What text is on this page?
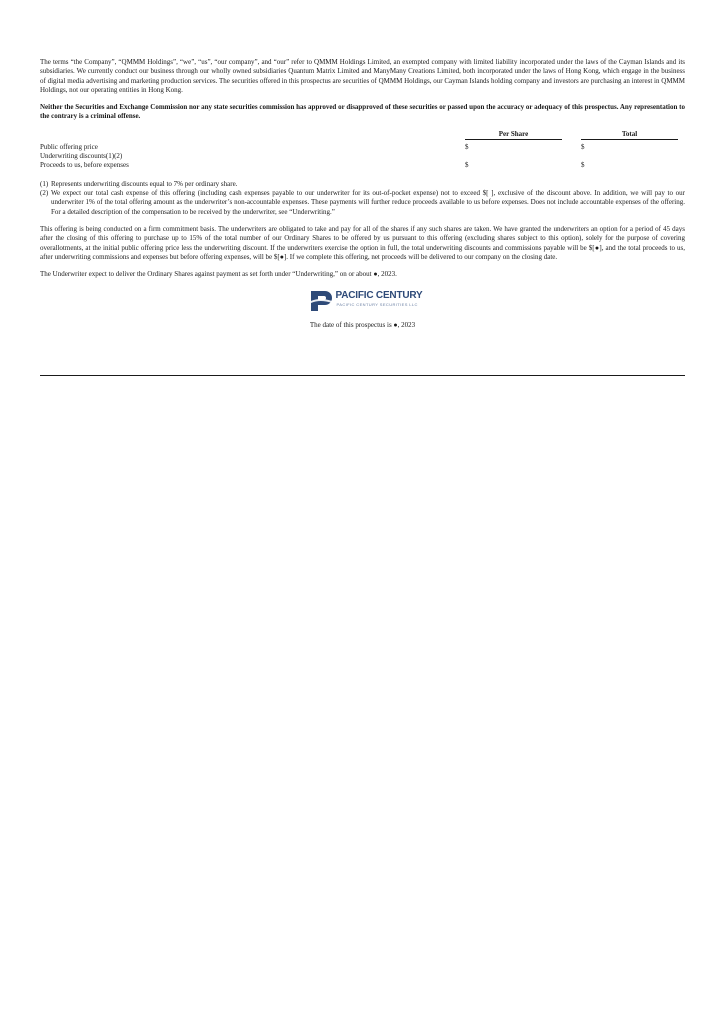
The terms “the Company”, “QMMM Holdings”, “we”, “us”, “our company”, and “our” refer to QMMM Holdings Limited, an exempted company with limited liability incorporated under the laws of the Cayman Islands and its subsidiaries. We currently conduct our business through our wholly owned subsidiaries Quantum Matrix Limited and ManyMany Creations Limited, both incorporated under the laws of Hong Kong, which engage in the business of digital media advertising and marketing production services. The securities offered in this prospectus are securities of QMMM Holdings, our Cayman Islands holding company and investors are purchasing an interest in QMMM Holdings, not our operating entities in Hong Kong.

Neither the Securities and Exchange Commission nor any state securities commission has approved or disapproved of these securities or passed upon the accuracy or adequacy of this prospectus. Any representation to the contrary is a criminal offense.

Per Share	Total
Public offering price	$	$
Underwriting discounts(1)(2)
Proceeds to us, before expenses	$	$

(1) Represents underwriting discounts equal to 7% per ordinary share.

(2) We expect our total cash expense of this offering (including cash expenses payable to our underwriter for its out-of-pocket expense) not to exceed $[ ], exclusive of the discount above. In addition, we will pay to our underwriter 1% of the total offering amount as the underwriter’s non-accountable expenses. These payments will further reduce proceeds available to us before expenses. Does not include accountable expenses of the offering. For a detailed description of the compensation to be received by the underwriter, see “Underwriting.”

This offering is being conducted on a firm commitment basis. The underwriters are obligated to take and pay for all of the shares if any such shares are taken. We have granted the underwriters an option for a period of 45 days after the closing of this offering to purchase up to 15% of the total number of our Ordinary Shares to be offered by us pursuant to this offering (excluding shares subject to this option), solely for the purpose of covering overallotments, at the initial public offering price less the underwriting discount. If the underwriters exercise the option in full, the total underwriting discounts and commissions payable will be $[●], and the total proceeds to us, after underwriting commissions and expenses but before offering expenses, will be $[●]. If we complete this offering, net proceeds will be delivered to our company on the closing date.

The Underwriter expect to deliver the Ordinary Shares against payment as set forth under “Underwriting,” on or about ●, 2023.

PACIFIC CENTURY
PACIFIC CENTURY SECURITIES LLC
The date of this prospectus is ●, 2023
